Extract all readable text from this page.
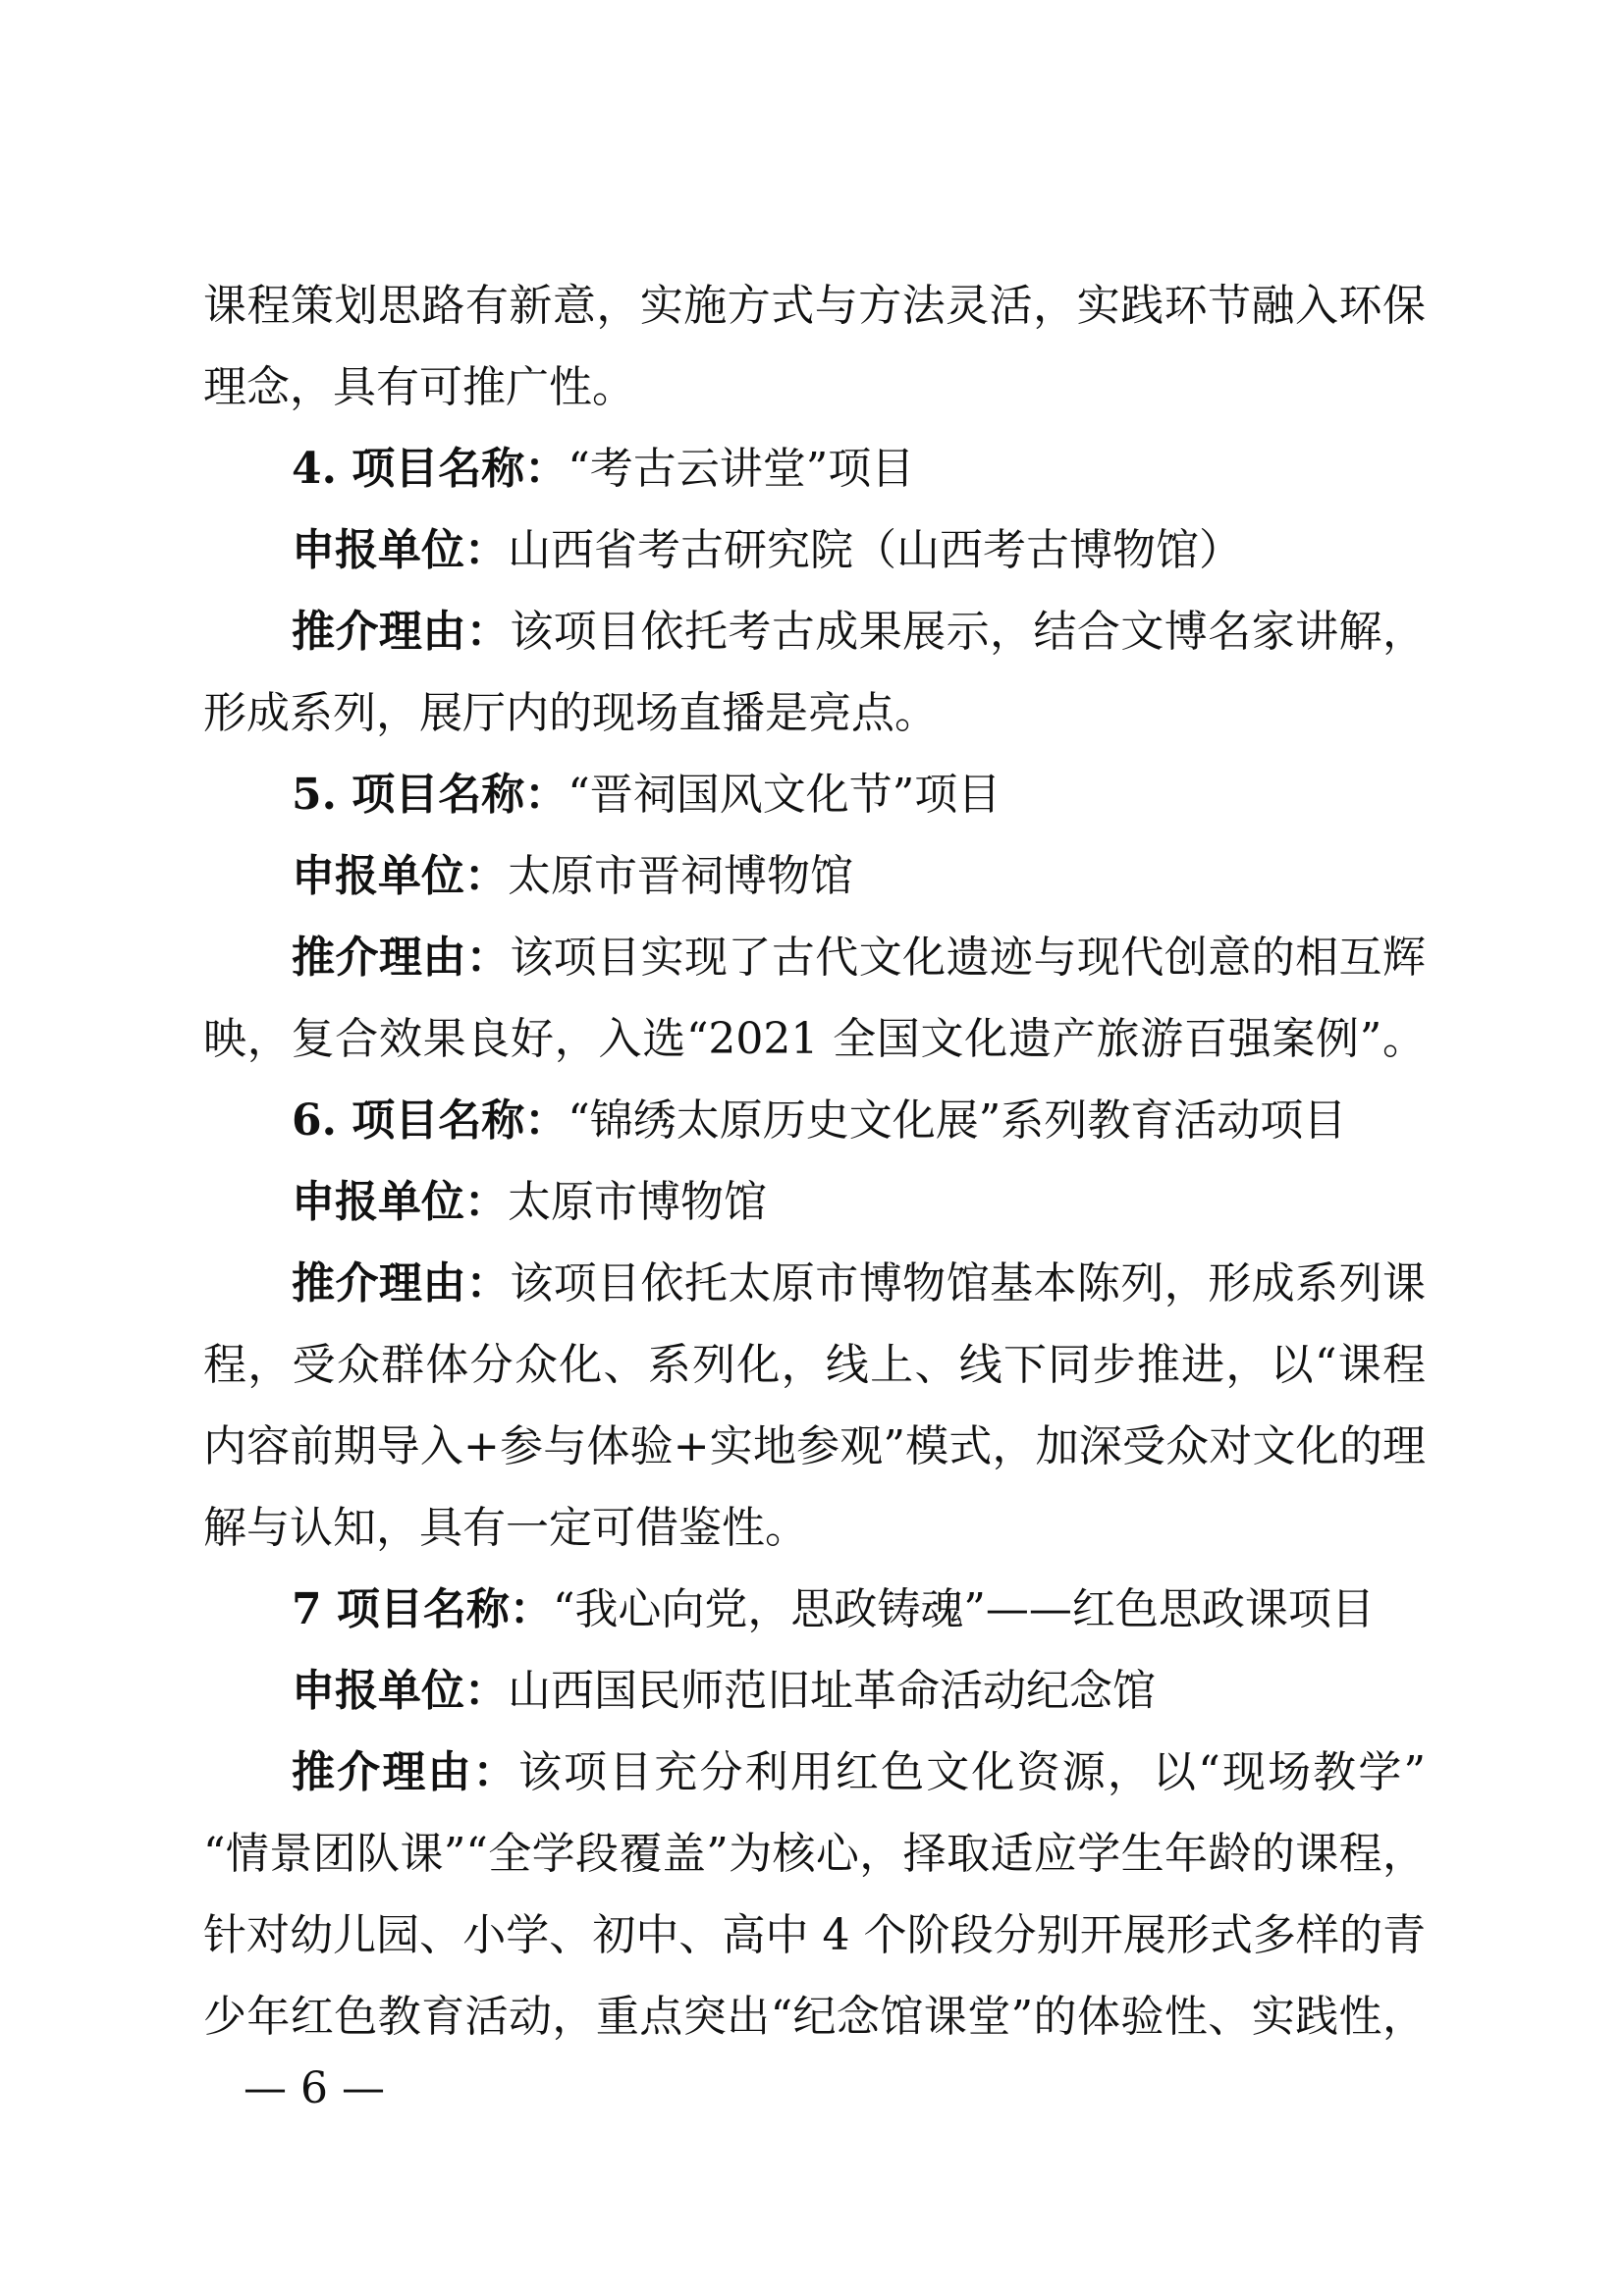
课程策划思路有新意，实施方式与方法灵活，实践环节融入环保
理念，具有可推广性。
4. 项目名称：“考古云讲堂”项目
申报单位：山西省考古研究院（山西考古博物馆）
推介理由：该项目依托考古成果展示，结合文博名家讲解，
形成系列，展厅内的现场直播是亮点。
5. 项目名称：“晋祠国风文化节”项目
申报单位：太原市晋祠博物馆
推介理由：该项目实现了古代文化遗迹与现代创意的相互辉
映，复合效果良好，入选“2021 全国文化遗产旅游百强案例”。
6. 项目名称：“锦绣太原历史文化展”系列教育活动项目
申报单位：太原市博物馆
推介理由：该项目依托太原市博物馆基本陈列，形成系列课
程，受众群体分众化、系列化，线上、线下同步推进，以“课程
内容前期导入+参与体验+实地参观”模式，加深受众对文化的理
解与认知，具有一定可借鉴性。
7 项目名称：“我心向党，思政铸魂”——红色思政课项目
申报单位：山西国民师范旧址革命活动纪念馆
推介理由：该项目充分利用红色文化资源，以“现场教学”
“情景团队课”“全学段覆盖”为核心，择取适应学生年龄的课程，
针对幼儿园、小学、初中、高中 4 个阶段分别开展形式多样的青
少年红色教育活动，重点突出“纪念馆课堂”的体验性、实践性，
— 6 —
